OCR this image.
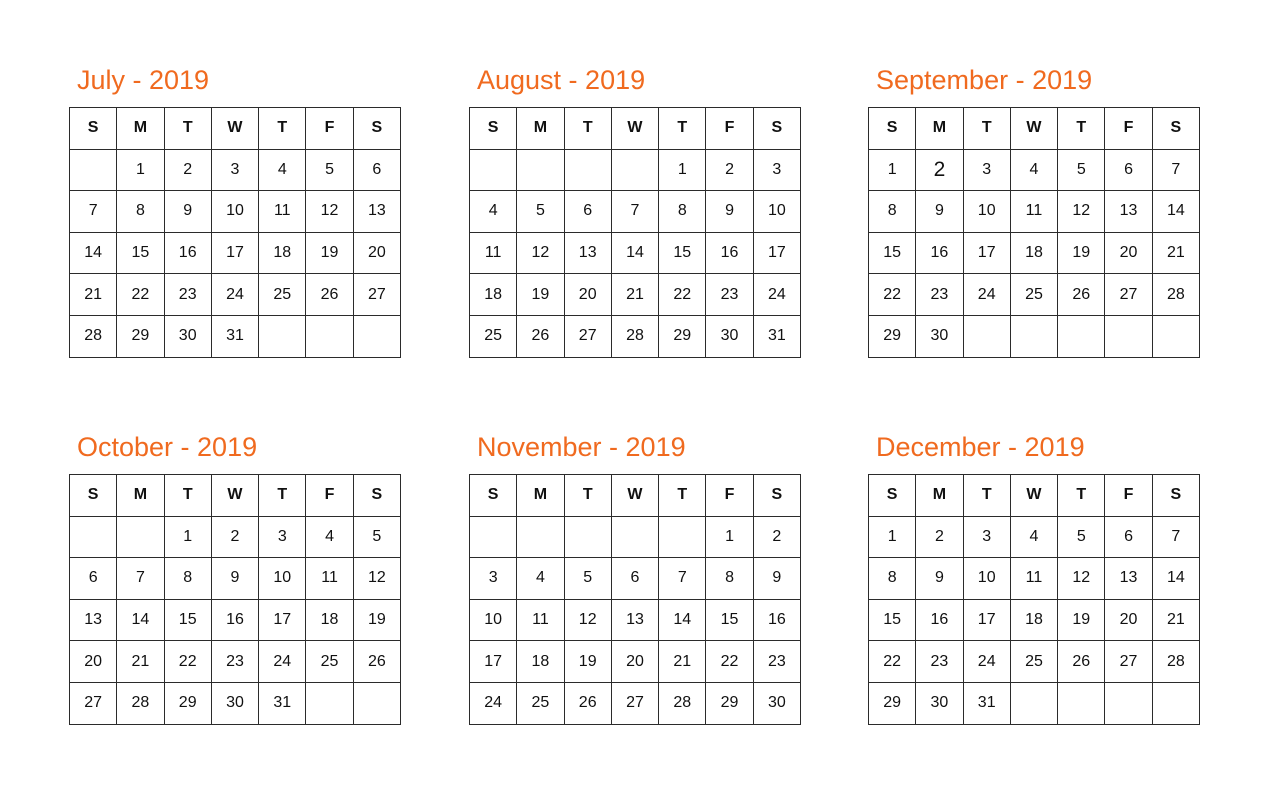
July - 2019
S	M	T	W	T	F	S
	1	2	3	4	5	6
7	8	9	10	11	12	13
14	15	16	17	18	19	20
21	22	23	24	25	26	27
28	29	30	31			
August - 2019
S	M	T	W	T	F	S
				1	2	3
4	5	6	7	8	9	10
11	12	13	14	15	16	17
18	19	20	21	22	23	24
25	26	27	28	29	30	31
September - 2019
S	M	T	W	T	F	S
1	2	3	4	5	6	7
8	9	10	11	12	13	14
15	16	17	18	19	20	21
22	23	24	25	26	27	28
29	30					
October - 2019
S	M	T	W	T	F	S
		1	2	3	4	5
6	7	8	9	10	11	12
13	14	15	16	17	18	19
20	21	22	23	24	25	26
27	28	29	30	31		
November - 2019
S	M	T	W	T	F	S
					1	2
3	4	5	6	7	8	9
10	11	12	13	14	15	16
17	18	19	20	21	22	23
24	25	26	27	28	29	30
December - 2019
S	M	T	W	T	F	S
1	2	3	4	5	6	7
8	9	10	11	12	13	14
15	16	17	18	19	20	21
22	23	24	25	26	27	28
29	30	31				
